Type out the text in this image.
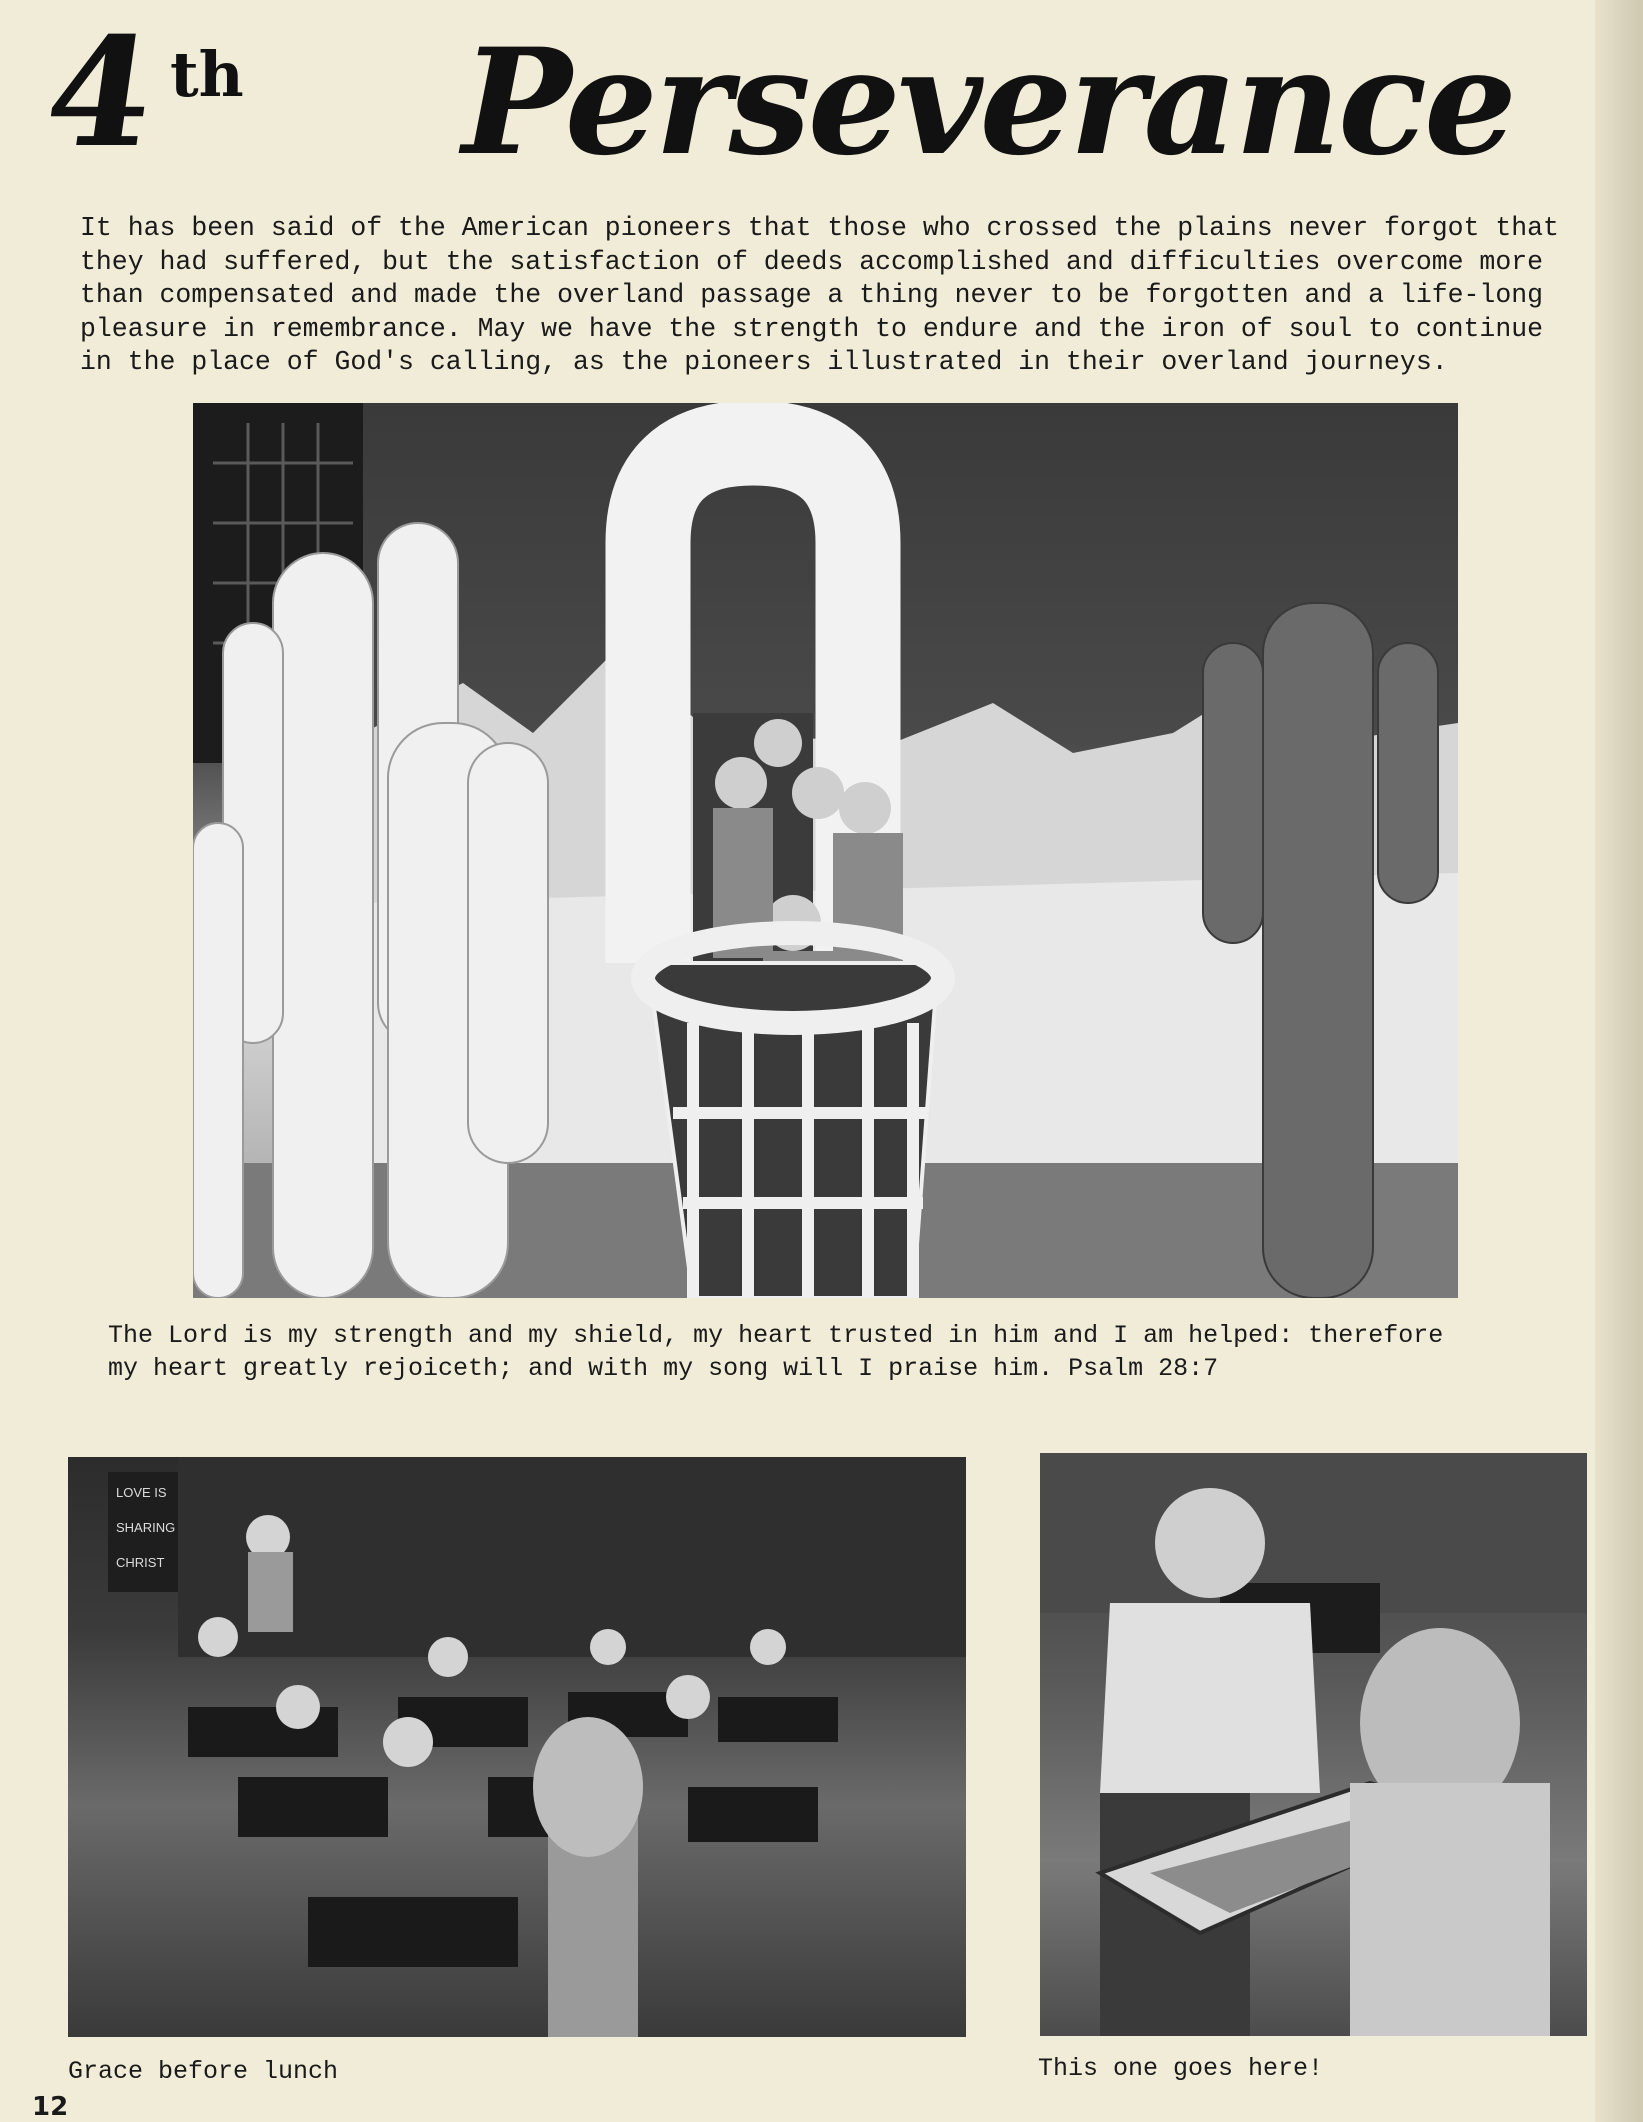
4 th Perseverance
It has been said of the American pioneers that those who crossed the plains never forgot that
they had suffered, but the satisfaction of deeds accomplished and difficulties overcome more
than compensated and made the overland passage a thing never to be forgotten and a life-long
pleasure in remembrance. May we have the strength to endure and the iron of soul to continue
in the place of God's calling, as the pioneers illustrated in their overland journeys.
The Lord is my strength and my shield, my heart trusted in him and I am helped: therefore
my heart greatly rejoiceth; and with my song will I praise him. Psalm 28:7
LOVE IS
SHARING
CHRIST
Grace before lunch	This one goes here!
12
